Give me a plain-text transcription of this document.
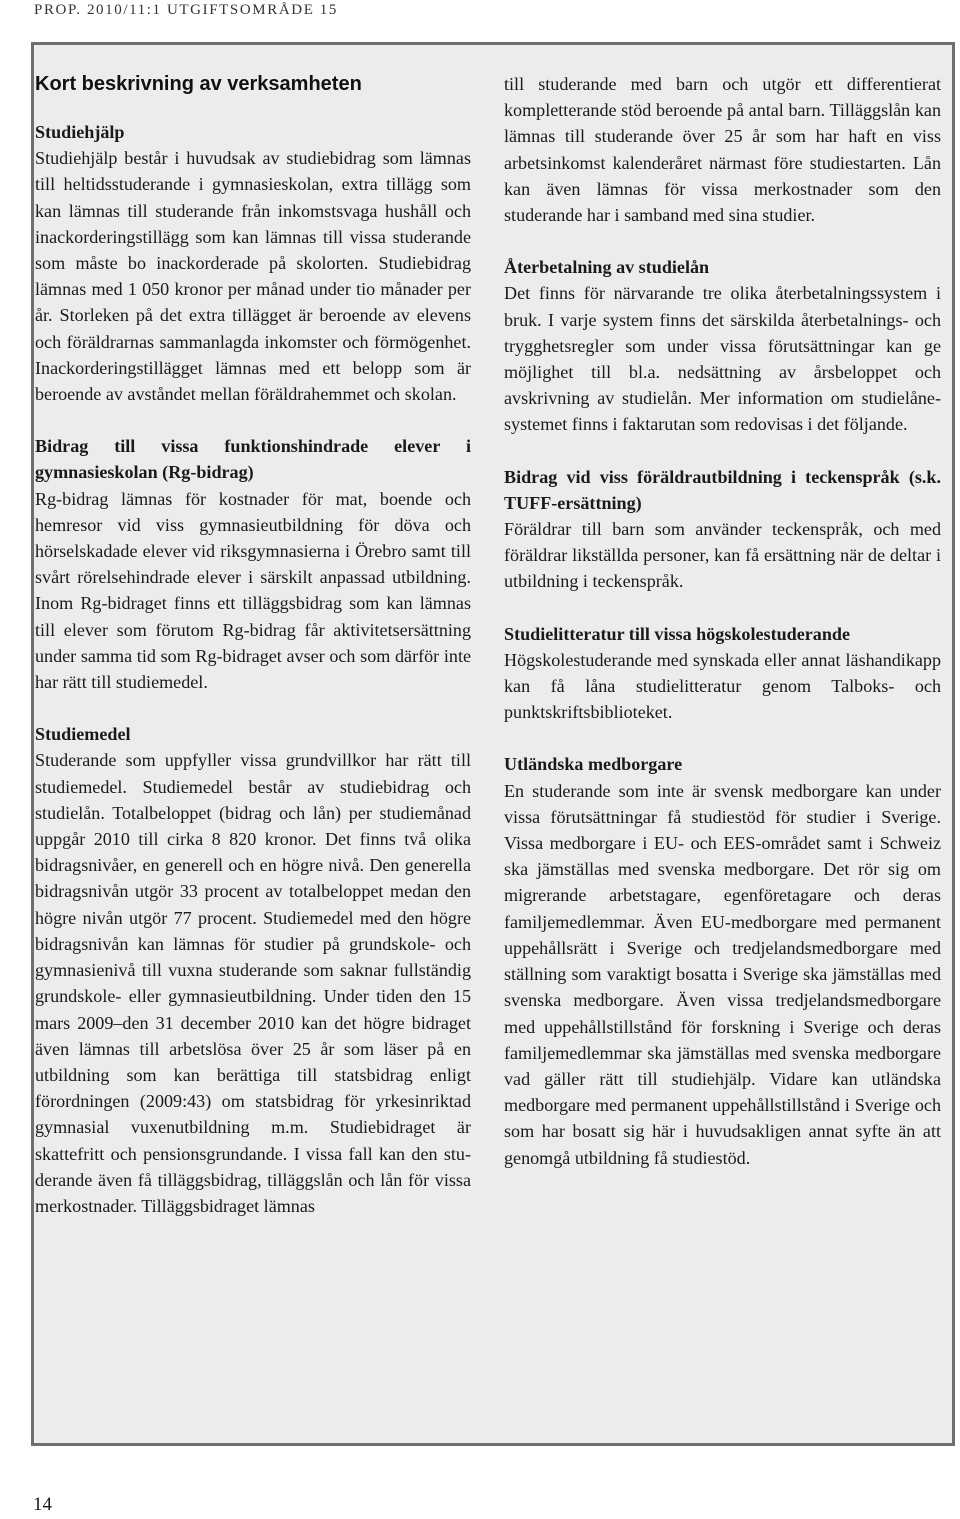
PROP. 2010/11:1 UTGIFTSOMRÅDE 15
Kort beskrivning av verksamheten
Studiehjälp

Studiehjälp består i huvudsak av studiebidrag som lämnas till heltidsstuderande i gymnasieskolan, extra tillägg som kan lämnas till studerande från inkomstsvaga hushåll och inackorderingstillägg som kan lämnas till vissa studerande som måste bo inackorderade på skolorten. Studiebidrag lämnas med 1 050 kronor per månad under tio månader per år. Storleken på det extra tillägget är beroende av elevens och föräldrarnas sammanlagda inkomster och förmögenhet. Inackorderingstillägget lämnas med ett belopp som är beroende av avståndet mellan föräldrahemmet och skolan.

Bidrag till vissa funktionshindrade elever i gymnasieskolan (Rg-bidrag)

Rg-bidrag lämnas för kostnader för mat, boende och hemresor vid viss gymnasieutbildning för döva och hörselskadade elever vid riksgymnasierna i Örebro samt till svårt rörelsehindrade elever i särskilt anpassad utbildning. Inom Rg-bidraget finns ett tilläggsbidrag som kan lämnas till elever som förutom Rg-bidrag får aktivitetsersättning under samma tid som Rg-bidraget avser och som därför inte har rätt till studiemedel.

Studiemedel

Studerande som uppfyller vissa grundvillkor har rätt till studiemedel. Studiemedel består av studiebidrag och studielån. Totalbeloppet (bidrag och lån) per studiemånad uppgår 2010 till cirka 8 820 kronor. Det finns två olika bidragsnivåer, en generell och en högre nivå. Den generella bidragsnivån utgör 33 procent av totalbeloppet medan den högre nivån utgör 77 procent. Studiemedel med den högre bidragsnivån kan lämnas för studier på grundskole- och gymnasienivå till vuxna studerande som saknar fullständig grundskole- eller gymnasieutbildning. Under tiden den 15 mars 2009–den 31 december 2010 kan det högre bidraget även lämnas till arbetslösa över 25 år som läser på en utbildning som kan berättiga till statsbidrag enligt förordningen (2009:43) om statsbidrag för yrkesinriktad gymnasial vuxenutbildning m.m. Studiebidraget är skattefritt och pensionsgrundande. I vissa fall kan den studerande även få tilläggsbidrag, tilläggslån och lån för vissa merkostnader. Tilläggsbidraget lämnas

till studerande med barn och utgör ett differentierat kompletterande stöd beroende på antal barn. Tilläggslån kan lämnas till studerande över 25 år som har haft en viss arbetsinkomst kalenderåret närmast före studiestarten. Lån kan även lämnas för vissa merkostnader som den studerande har i samband med sina studier.

Återbetalning av studielån

Det finns för närvarande tre olika återbetalningssystem i bruk. I varje system finns det särskilda återbetalnings- och trygghetsregler som under vissa förutsättningar kan ge möjlighet till bl.a. nedsättning av årsbeloppet och avskrivning av studielån. Mer information om studielånesystemet finns i faktarutan som redovisas i det följande.

Bidrag vid viss föräldrautbildning i teckenspråk (s.k. TUFF-ersättning)

Föräldrar till barn som använder teckenspråk, och med föräldrar likställda personer, kan få ersättning när de deltar i utbildning i teckenspråk.

Studielitteratur till vissa högskolestuderande

Högskolestuderande med synskada eller annat läshandikapp kan få låna studielitteratur genom Talboks- och punktskriftsbiblioteket.

Utländska medborgare

En studerande som inte är svensk medborgare kan under vissa förutsättningar få studiestöd för studier i Sverige. Vissa medborgare i EU- och EES-området samt i Schweiz ska jämställas med svenska medborgare. Det rör sig om migrerande arbetstagare, egenföretagare och deras familjemedlemmar. Även EU-medborgare med permanent uppehållsrätt i Sverige och tredjelandsmedborgare med ställning som varaktigt bosatta i Sverige ska jämställas med svenska medborgare. Även vissa tredjelandsmedborgare med uppehållstillstånd för forskning i Sverige och deras familjemedlemmar ska jämställas med svenska medborgare vad gäller rätt till studiehjälp. Vidare kan utländska medborgare med permanent uppehållstillstånd i Sverige och som har bosatt sig här i huvudsakligen annat syfte än att genomgå utbildning få studiestöd.

14
